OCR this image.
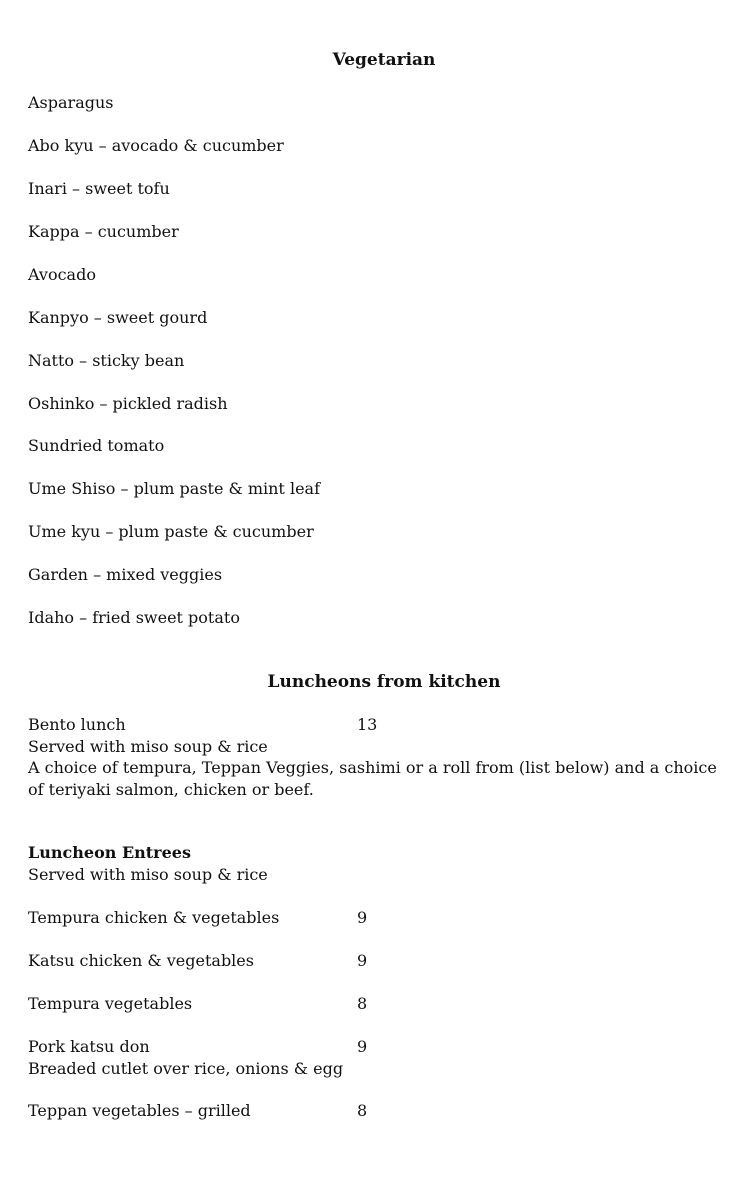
Vegetarian
Asparagus
Abo kyu – avocado & cucumber
Inari – sweet tofu
Kappa – cucumber
Avocado
Kanpyo – sweet gourd
Natto – sticky bean
Oshinko – pickled radish
Sundried tomato
Ume Shiso – plum paste & mint leaf
Ume kyu – plum paste & cucumber
Garden – mixed veggies
Idaho – fried sweet potato
Luncheons from kitchen
Bento lunch	13
Served with miso soup & rice
A choice of tempura, Teppan Veggies, sashimi or a roll from (list below) and a choice of teriyaki salmon, chicken or beef.
Luncheon Entrees
Served with miso soup & rice
Tempura chicken & vegetables	9
Katsu chicken & vegetables	9
Tempura vegetables	8
Pork katsu don	9
Breaded cutlet over rice, onions & egg
Teppan vegetables – grilled	8
